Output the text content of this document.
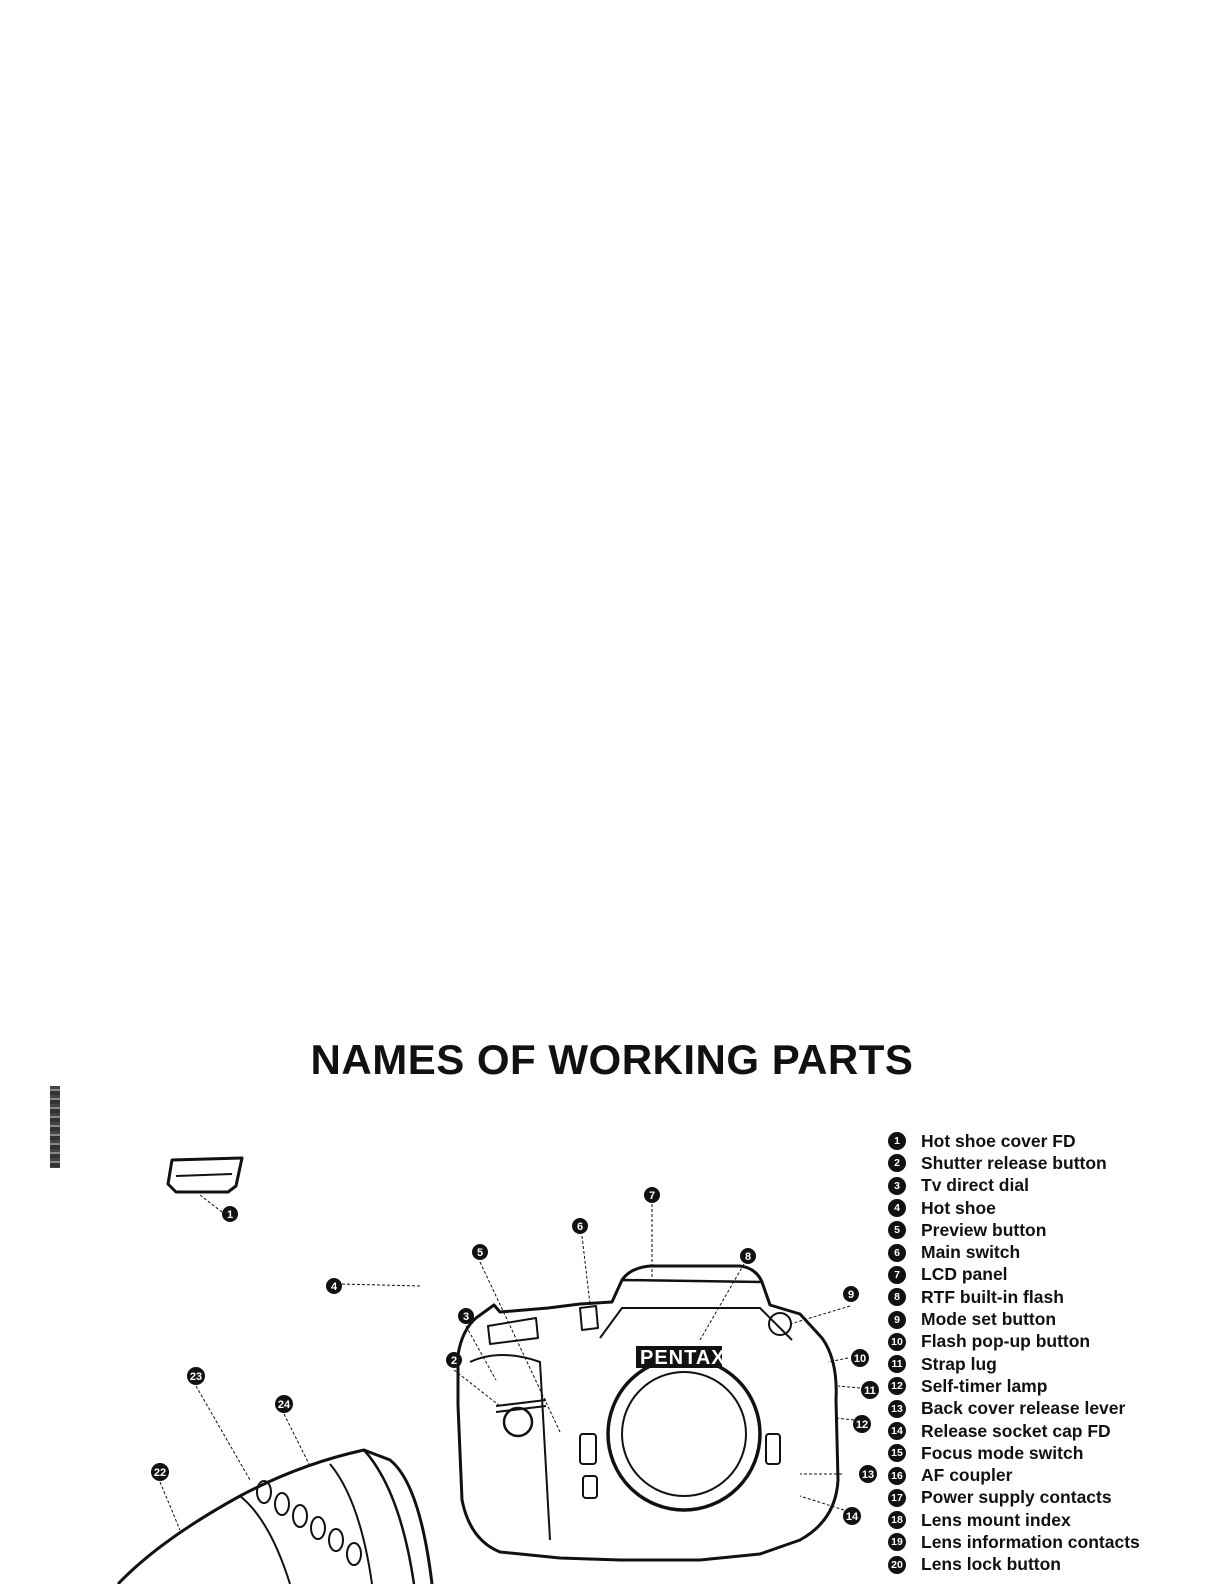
NAMES OF WORKING PARTS
PENTAX
1
2
3
4
5
6
7
8
9
10
11
12
13
14
22
23
24
1	Hot shoe cover FD
2	Shutter release button
3	Tv direct dial
4	Hot shoe
5	Preview button
6	Main switch
7	LCD panel
8	RTF built-in flash
9	Mode set button
10 Flash pop-up button
11 Strap lug
12 Self-timer lamp
13 Back cover release lever
14 Release socket cap FD
15 Focus mode switch
16 AF coupler
17 Power supply contacts
18 Lens mount index
19 Lens information contacts
20 Lens lock button
